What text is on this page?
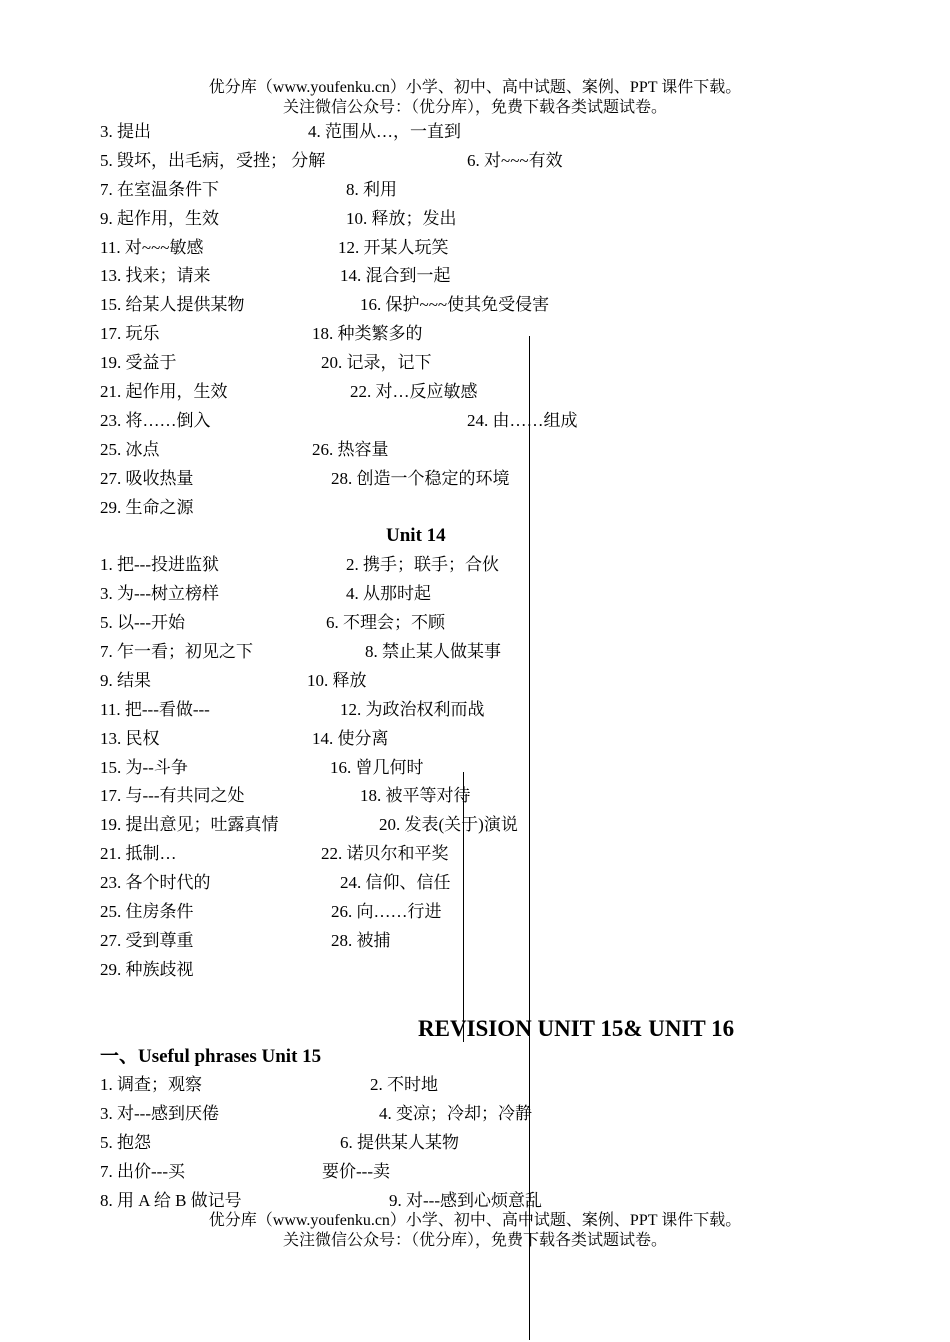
优分库（www.youfenku.cn）小学、初中、高中试题、案例、PPT 课件下载。
关注微信公众号：（优分库），免费下载各类试题试卷。
3. 提出	4. 范围从…，一直到
5. 毁坏，出毛病，受挫； 分解	6. 对~~~有效
7. 在室温条件下	8. 利用
9. 起作用，生效	10. 释放；发出
11. 对~~~敏感	12. 开某人玩笑
13. 找来；请来	14. 混合到一起
15. 给某人提供某物	16. 保护~~~使其免受侵害
17. 玩乐	18. 种类繁多的
19. 受益于	20. 记录，记下
21. 起作用，生效	22. 对…反应敏感
23. 将……倒入	24. 由……组成
25. 冰点	26. 热容量
27. 吸收热量	28. 创造一个稳定的环境
29. 生命之源
Unit 14
1. 把---投进监狱	2. 携手；联手；合伙
3. 为---树立榜样	4. 从那时起
5. 以---开始	6. 不理会；不顾
7. 乍一看；初见之下	8. 禁止某人做某事
9. 结果	10. 释放
11. 把---看做---	12. 为政治权利而战
13. 民权	14. 使分离
15. 为--斗争	16. 曾几何时
17. 与---有共同之处	18. 被平等对待
19. 提出意见；吐露真情	20. 发表(关于)演说
21. 抵制…	22. 诺贝尔和平奖
23. 各个时代的	24. 信仰、信任
25. 住房条件	26. 向……行进
27. 受到尊重	28. 被捕
29. 种族歧视
REVISION UNIT 15& UNIT 16
一、Useful phrases Unit 15
1. 调查；观察	2. 不时地
3. 对---感到厌倦	4. 变凉；冷却；冷静
5. 抱怨	6. 提供某人某物
7. 出价---买	要价---卖
8. 用 A 给 B 做记号	9. 对---感到心烦意乱
优分库（www.youfenku.cn）小学、初中、高中试题、案例、PPT 课件下载。
关注微信公众号：（优分库），免费下载各类试题试卷。
